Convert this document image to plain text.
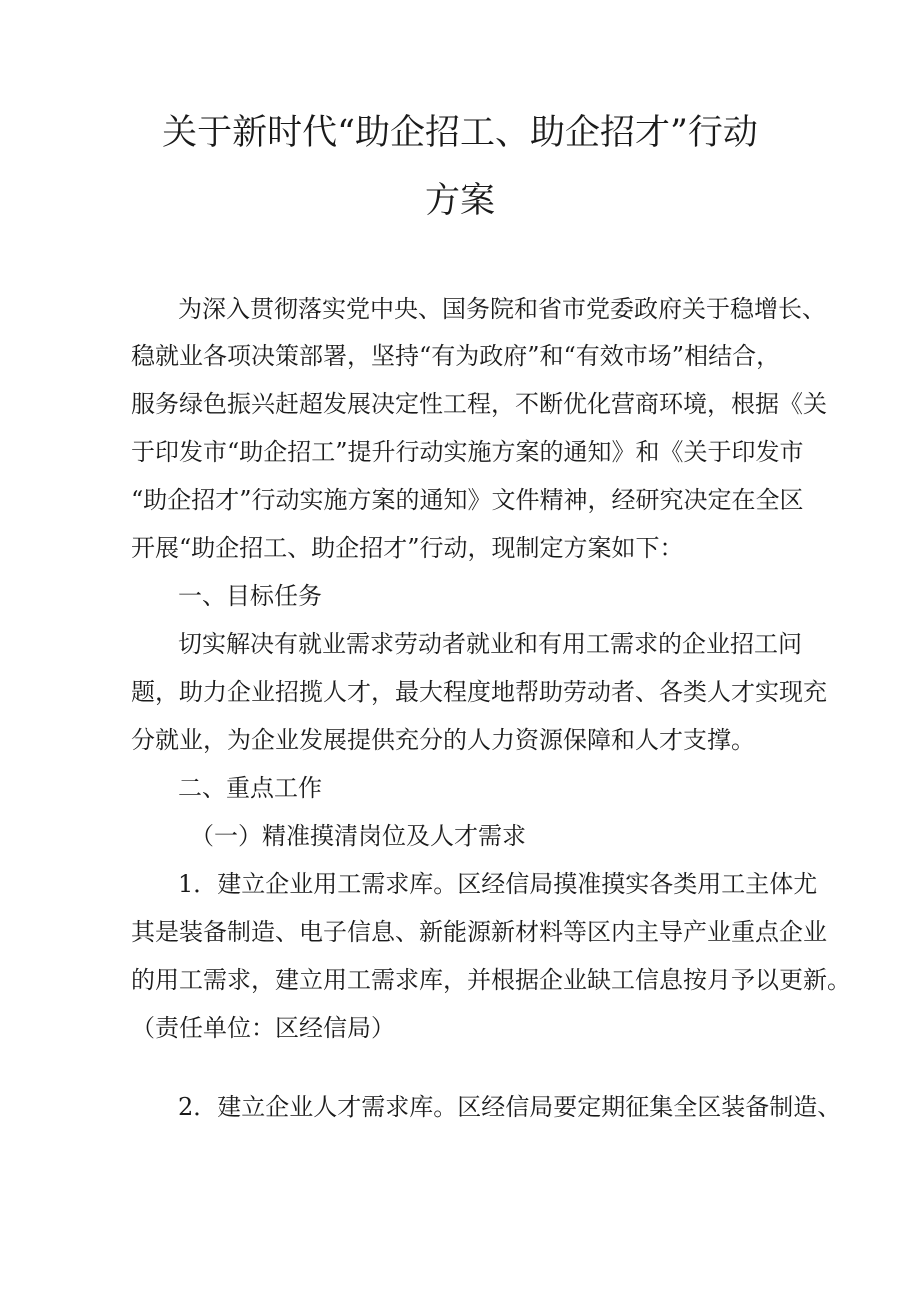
关于新时代“助企招工、助企招才”行动
方案

为深入贯彻落实党中央、国务院和省市党委政府关于稳增长、

稳就业各项决策部署，坚持“有为政府”和“有效市场”相结合，

服务绿色振兴赶超发展决定性工程，不断优化营商环境，根据《关

于印发市“助企招工”提升行动实施方案的通知》和《关于印发市

“助企招才”行动实施方案的通知》文件精神，经研究决定在全区

开展“助企招工、助企招才”行动，现制定方案如下：

一、目标任务

切实解决有就业需求劳动者就业和有用工需求的企业招工问

题，助力企业招揽人才，最大程度地帮助劳动者、各类人才实现充

分就业，为企业发展提供充分的人力资源保障和人才支撑。

二、重点工作

（一）精准摸清岗位及人才需求

1．建立企业用工需求库。区经信局摸准摸实各类用工主体尤

其是装备制造、电子信息、新能源新材料等区内主导产业重点企业

的用工需求，建立用工需求库，并根据企业缺工信息按月予以更新。

（责任单位：区经信局）

2．建立企业人才需求库。区经信局要定期征集全区装备制造、
